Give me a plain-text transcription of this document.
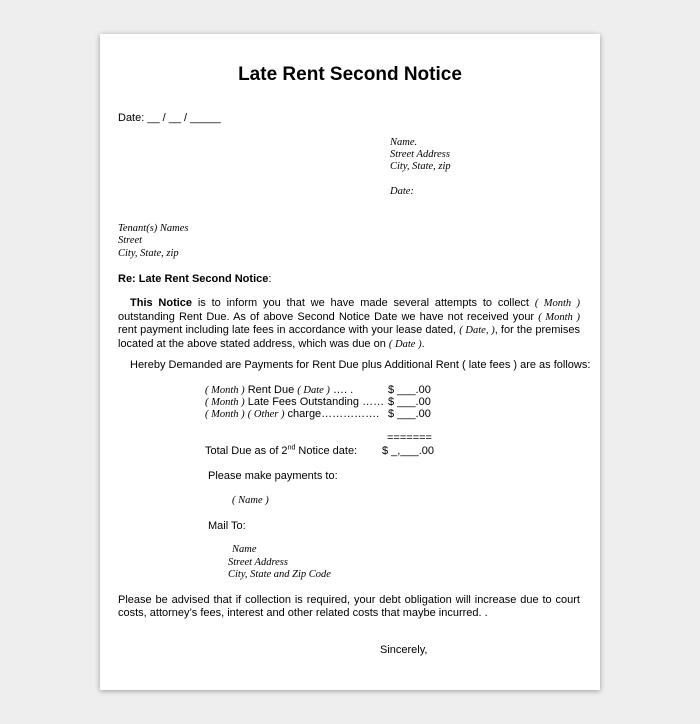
Late Rent Second Notice
Date: __ / __ / _____
Name.
Street Address
City, State, zip
Date:
Tenant(s) Names
Street
City, State, zip
Re: Late Rent Second Notice:
This Notice is to inform you that we have made several attempts to collect ( Month ) outstanding Rent Due. As of above Second Notice Date we have not received your ( Month ) rent payment including late fees in accordance with your lease dated, ( Date, ), for the premises located at the above stated address, which was due on ( Date ).
Hereby Demanded are Payments for Rent Due plus Additional Rent ( late fees ) are as follows:
( Month ) Rent Due ( Date ) …. .	$ ___.00
( Month ) Late Fees Outstanding …… $ ___.00
( Month ) ( Other ) charge……………. $ ___.00
=======
Total Due as of 2nd Notice date: $ _,___.00
Please make payments to:
( Name )
Mail To:
Name
Street Address
City, State and Zip Code
Please be advised that if collection is required, your debt obligation will increase due to court costs, attorney’s fees, interest and other related costs that maybe incurred. .
Sincerely,
